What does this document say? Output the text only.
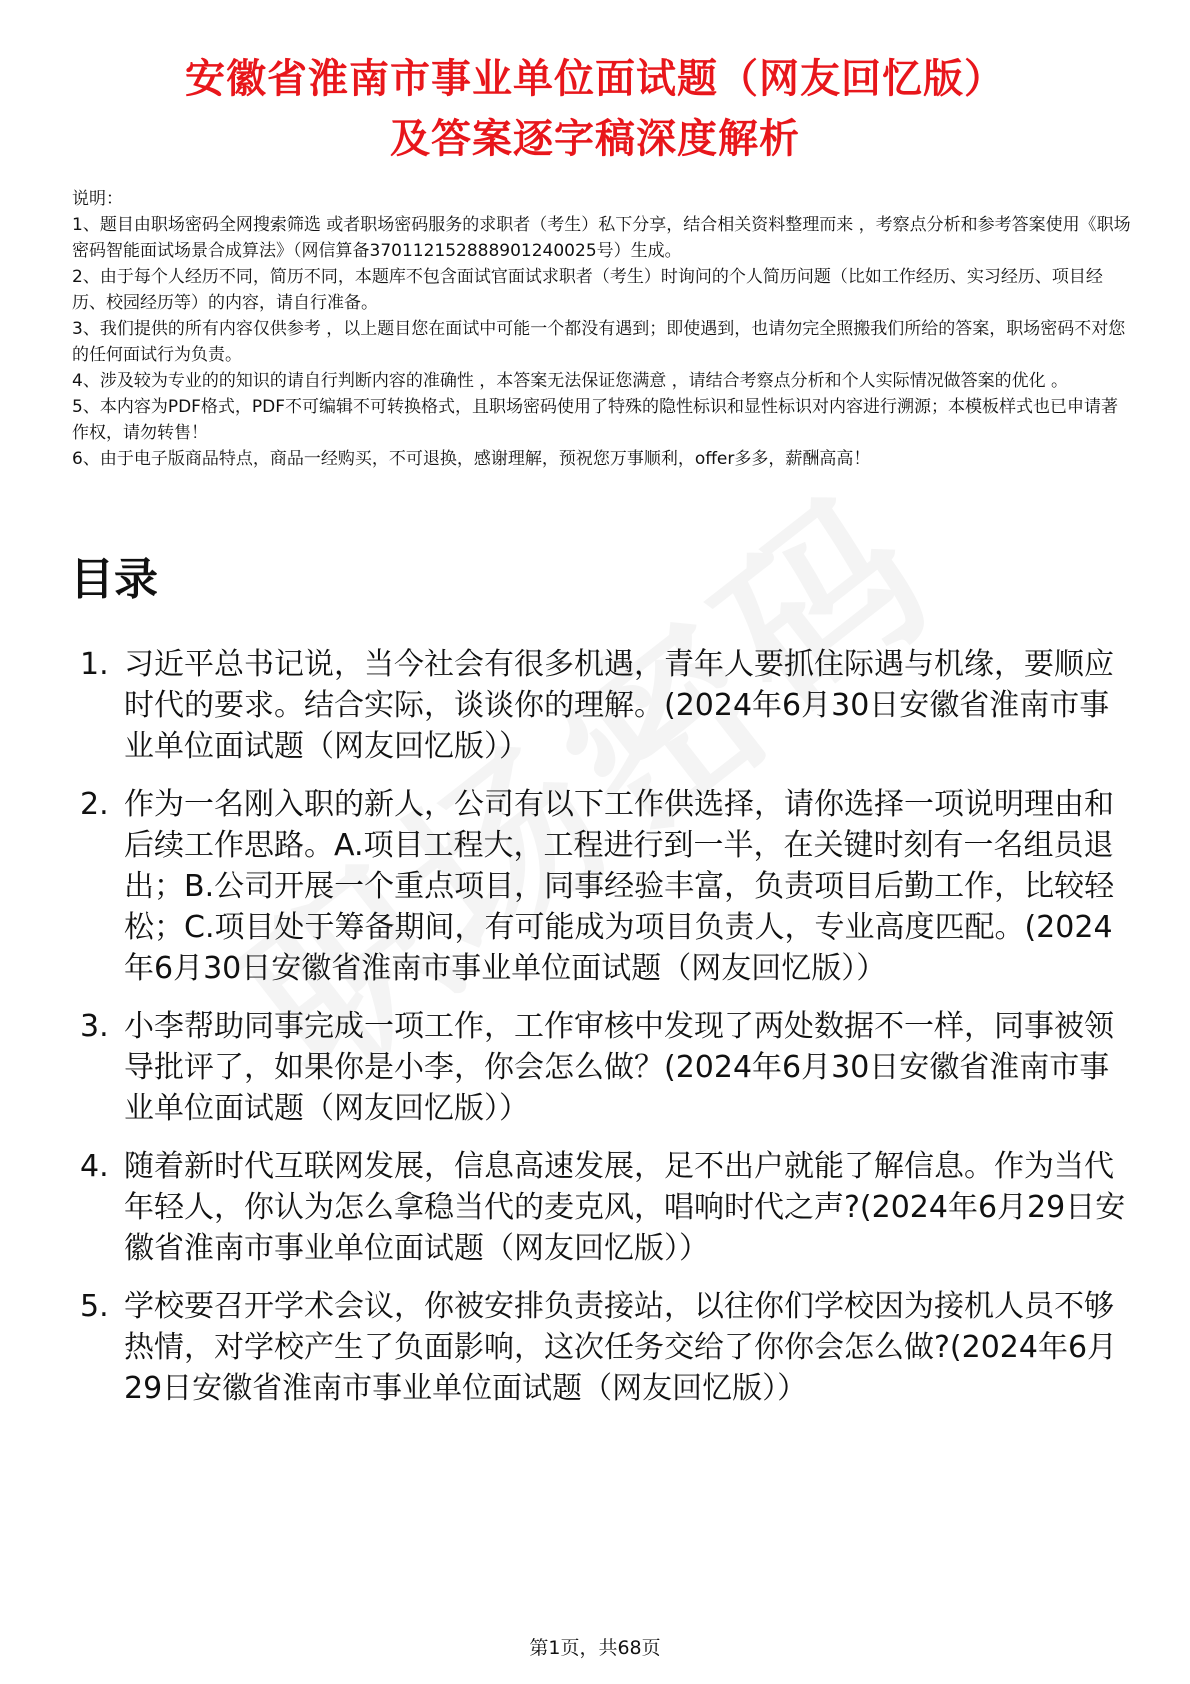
安徽省淮南市事业单位面试题（网友回忆版）
及答案逐字稿深度解析

说明：

1、题目由职场密码全网搜索筛选 或者职场密码服务的求职者（考生）私下分享，结合相关资料整理而来 ，考察点分析和参考答案使用《职场密码智能面试场景合成算法》（网信算备370112152888901240025号）生成。

2、由于每个人经历不同，简历不同，本题库不包含面试官面试求职者（考生）时询问的个人简历问题（比如工作经历、实习经历、项目经历、校园经历等）的内容，请自行准备。

3、我们提供的所有内容仅供参考 ，以上题目您在面试中可能一个都没有遇到；即使遇到，也请勿完全照搬我们所给的答案，职场密码不对您的任何面试行为负责。

4、涉及较为专业的的知识的请自行判断内容的准确性 ，本答案无法保证您满意 ，请结合考察点分析和个人实际情况做答案的优化 。

5、本内容为PDF格式，PDF不可编辑不可转换格式，且职场密码使用了特殊的隐性标识和显性标识对内容进行溯源；本模板样式也已申请著作权，请勿转售！

6、由于电子版商品特点，商品一经购买，不可退换，感谢理解，预祝您万事顺利，offer多多，薪酬高高！

目录
1. 习近平总书记说，当今社会有很多机遇，青年人要抓住际遇与机缘，要顺应时代的要求。结合实际，谈谈你的理解。(2024年6月30日安徽省淮南市事业单位面试题（网友回忆版））
2. 作为一名刚入职的新人，公司有以下工作供选择，请你选择一项说明理由和后续工作思路。A.项目工程大，工程进行到一半，在关键时刻有一名组员退出；B.公司开展一个重点项目，同事经验丰富，负责项目后勤工作，比较轻松；C.项目处于筹备期间，有可能成为项目负责人，专业高度匹配。(2024年6月30日安徽省淮南市事业单位面试题（网友回忆版））
3. 小李帮助同事完成一项工作，工作审核中发现了两处数据不一样，同事被领导批评了，如果你是小李，你会怎么做？(2024年6月30日安徽省淮南市事业单位面试题（网友回忆版））
4. 随着新时代互联网发展，信息高速发展，足不出户就能了解信息。作为当代年轻人，你认为怎么拿稳当代的麦克风，唱响时代之声?(2024年6月29日安徽省淮南市事业单位面试题（网友回忆版））
5. 学校要召开学术会议，你被安排负责接站，以往你们学校因为接机人员不够热情，对学校产生了负面影响，这次任务交给了你你会怎么做?(2024年6月29日安徽省淮南市事业单位面试题（网友回忆版））
第1页，共68页
